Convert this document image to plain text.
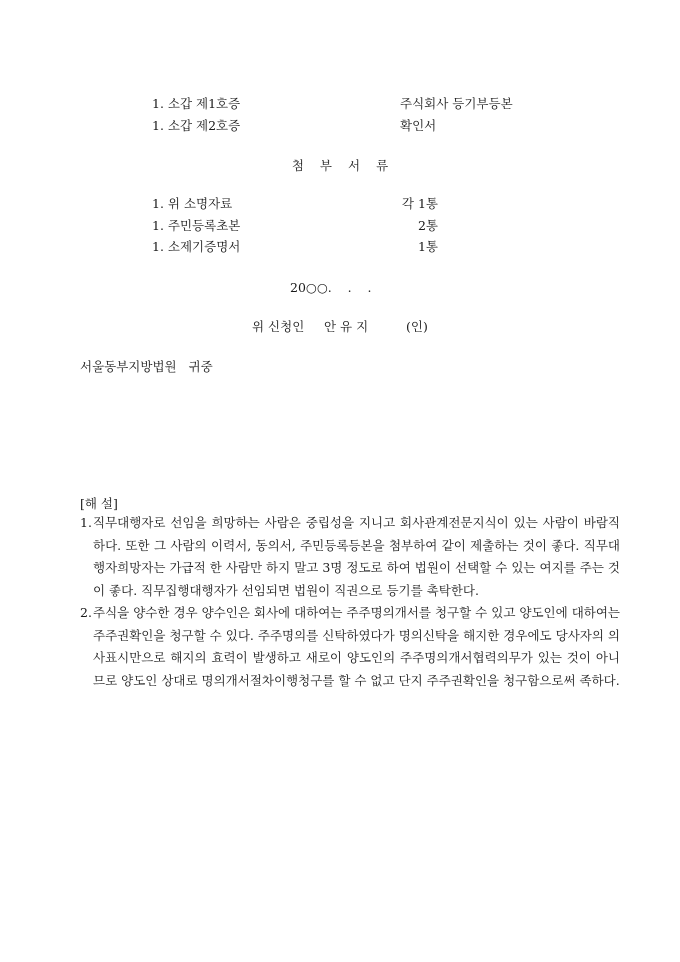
1. 소갑 제1호증	주식회사 등기부등본
1. 소갑 제2호증	확인서
첨부서류
1. 위 소명자료	각 1통
1. 주민등록초본	2통
1. 소제기증명서	1통
20○○.    .    .
위 신청인 안 유 지	(인)
서울동부지방법원   귀중
[해 설]
1. 직무대행자로 선임을 희망하는 사람은 중립성을 지니고 회사관계전문지식이 있는 사람이 바람직하다. 또한 그 사람의 이력서, 동의서, 주민등록등본을 첨부하여 같이 제출하는 것이 좋다. 직무대행자희망자는 가급적 한 사람만 하지 말고 3명 정도로 하여 법원이 선택할 수 있는 여지를 주는 것이 좋다. 직무집행대행자가 선임되면 법원이 직권으로 등기를 촉탁한다.
2. 주식을 양수한 경우 양수인은 회사에 대하여는 주주명의개서를 청구할 수 있고 양도인에 대하여는 주주권확인을 청구할 수 있다. 주주명의를 신탁하였다가 명의신탁을 해지한 경우에도 당사자의 의사표시만으로 해지의 효력이 발생하고 새로이 양도인의 주주명의개서협력의무가 있는 것이 아니므로 양도인 상대로 명의개서절차이행청구를 할 수 없고 단지 주주권확인을 청구함으로써 족하다.
